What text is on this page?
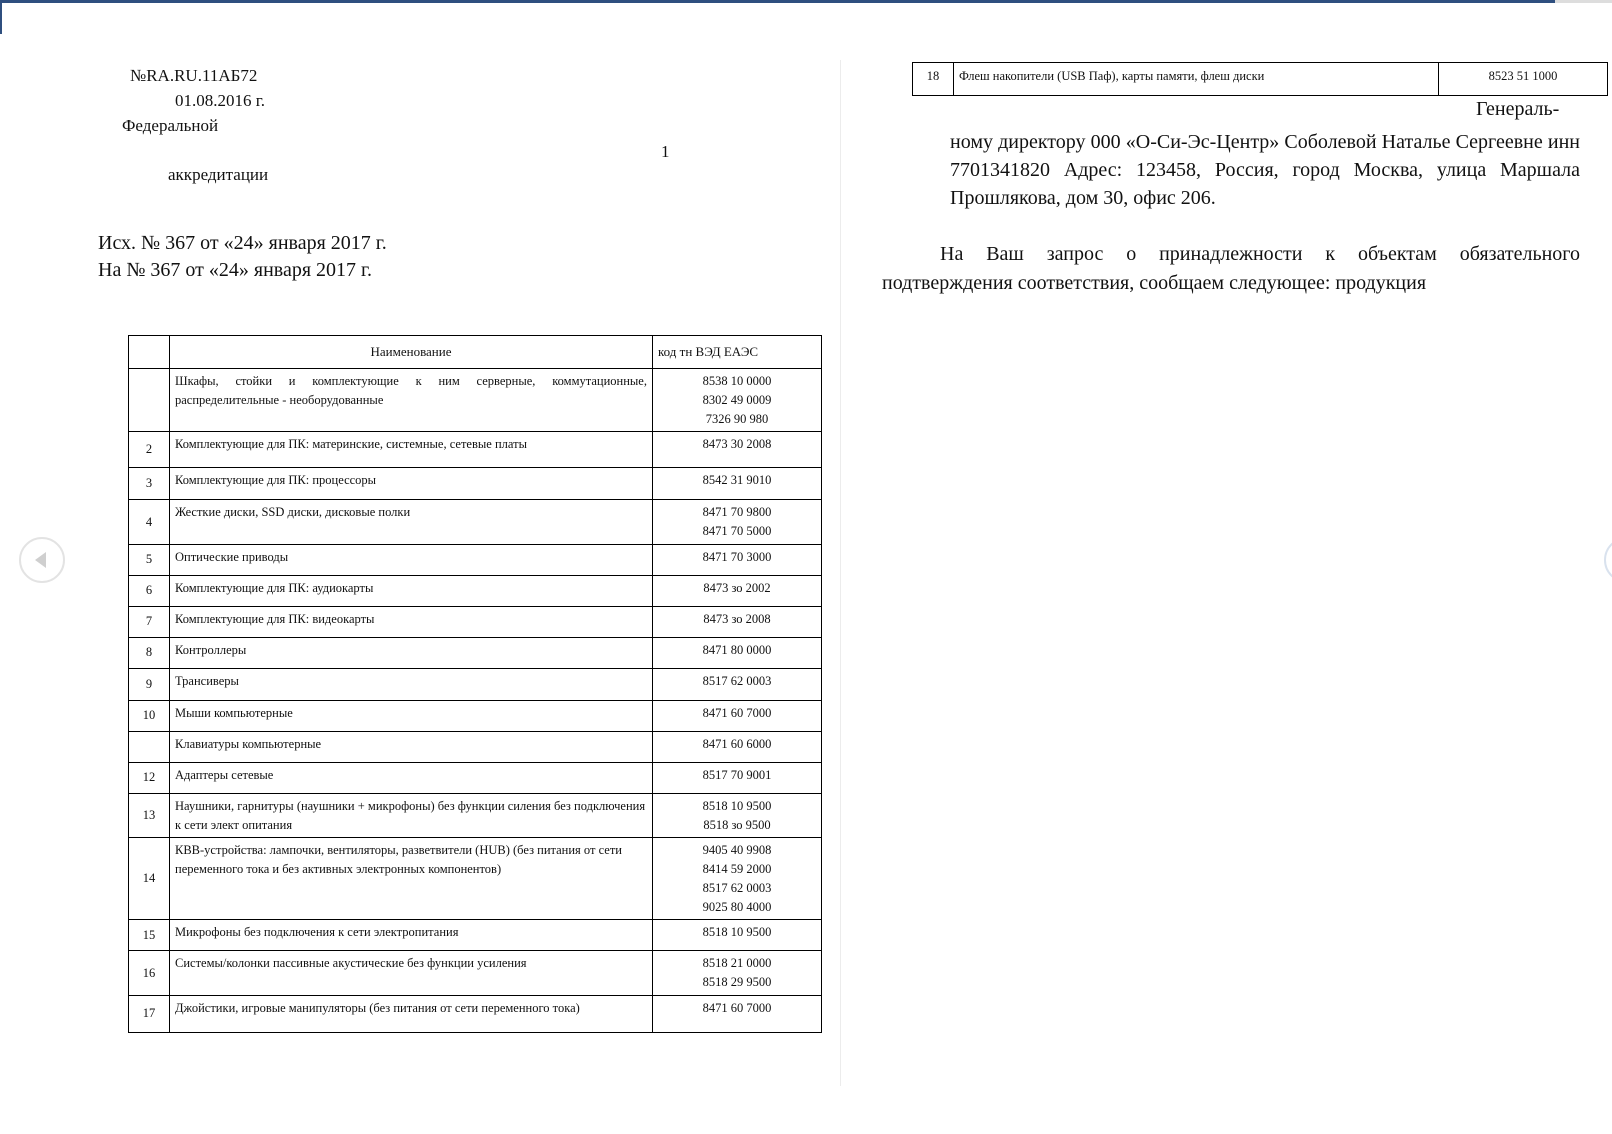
№RA.RU.11АБ72
01.08.2016 г.
Федеральной
аккредитации
1
Исх. № 367 от «24» января 2017 г.
На № 367 от «24» января 2017 г.
	Наименование	код тн ВЭД ЕАЭС
	Шкафы, стойки и комплектующие к ним серверные, коммутационные, распределительные - необорудованные	8538 10 0000
8302 49 0009
7326 90 980

2	Комплектующие для ПК: материнские, системные, сетевые платы	8473 30 2008

3	Комплектующие для ПК: процессоры	8542 31 9010

4	Жесткие диски, SSD диски, дисковые полки	8471 70 9800
8471 70 5000

5	Оптические приводы	8471 70 3000

6	Комплектующие для ПК: аудиокарты	8473 зо 2002

7	Комплектующие для ПК: видеокарты	8473 зо 2008

8	Контроллеры	8471 80 0000

9	Трансиверы	8517 62 0003

10	Мыши компьютерные	8471 60 7000

	Клавиатуры компьютерные	8471 60 6000

12	Адаптеры сетевые	8517 70 9001

13	Наушники, гарнитуры (наушники + микрофоны) без функции силения без подключения к сети элект опитания	8518 10 9500
8518 зо 9500

14	КВВ-устройства: лампочки, вентиляторы, разветвители (HUB) (без питания от сети переменного тока и без активных электронных компонентов)	9405 40 9908
8414 59 2000
8517 62 0003
9025 80 4000

15	Микрофоны без подключения к сети электропитания	8518 10 9500

16	Системы/колонки пассивные акустические без функции усиления	8518 21 0000
8518 29 9500

17	Джойстики, игровые манипуляторы (без питания от сети переменного тока)	8471 60 7000
18	Флеш накопители (USB Паф), карты памяти, флеш диски	8523 51 1000
Генераль-
ному директору 000 «О-Си-Эс-Центр» Соболевой Наталье Сергеевне инн 7701341820 Адрес: 123458, Россия, город Москва, улица Маршала Прошлякова, дом 30, офис 206.
На Ваш запрос о принадлежности к объектам обязательного подтверждения соответствия, сообщаем следующее: продукция
